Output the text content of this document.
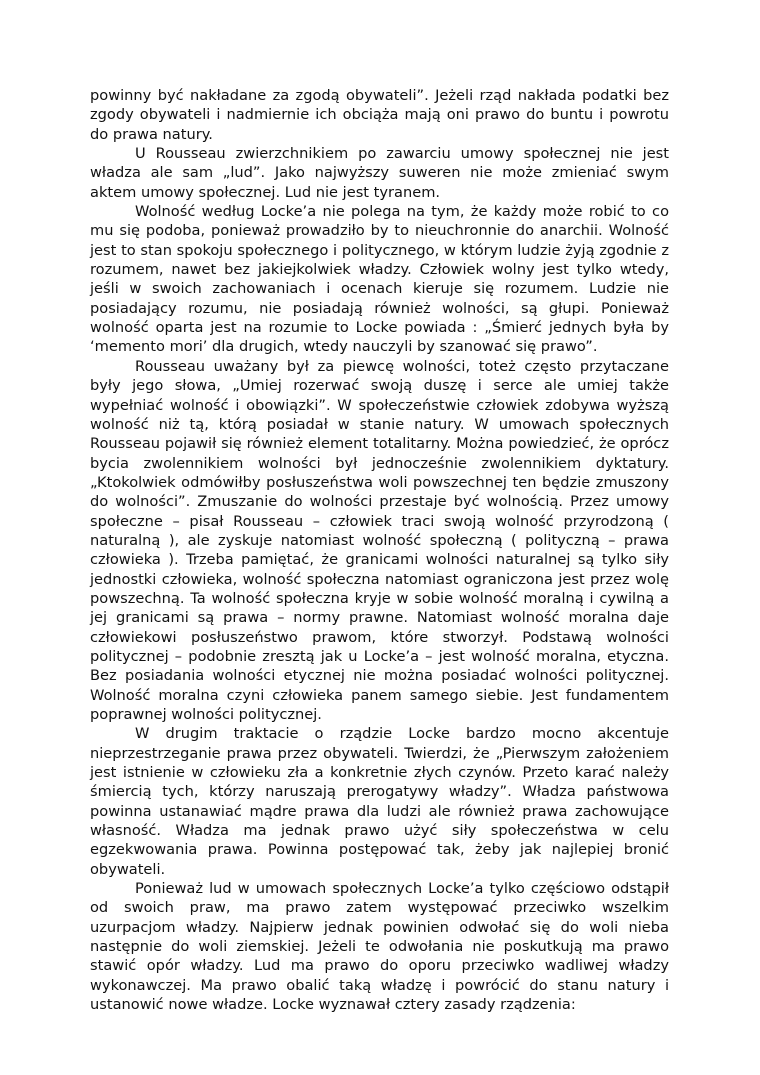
powinny być nakładane za zgodą obywateli”. Jeżeli rząd nakłada podatki bez zgody obywateli i nadmiernie ich obciąża mają oni prawo do buntu i powrotu do prawa natury.

U Rousseau zwierzchnikiem po zawarciu umowy społecznej nie jest władza ale sam „lud”. Jako najwyższy suweren nie może zmieniać swym aktem umowy społecznej. Lud nie jest tyranem.

Wolność według Locke’a nie polega na tym, że każdy może robić to co mu się podoba, ponieważ prowadziło by to nieuchronnie do anarchii. Wolność jest to stan spokoju społecznego i politycznego, w którym ludzie żyją zgodnie z rozumem, nawet bez jakiejkolwiek władzy. Człowiek wolny jest tylko wtedy, jeśli w swoich zachowaniach i ocenach kieruje się rozumem. Ludzie nie posiadający rozumu, nie posiadają również wolności, są głupi. Ponieważ wolność oparta jest na rozumie to Locke powiada : „Śmierć jednych była by ‘memento mori’ dla drugich, wtedy nauczyli by szanować się prawo”.

Rousseau uważany był za piewcę wolności, toteż często przytaczane były jego słowa, „Umiej rozerwać swoją duszę i serce ale umiej także wypełniać wolność i obowiązki”. W społeczeństwie człowiek zdobywa wyższą wolność niż tą, którą posiadał w stanie natury. W umowach społecznych Rousseau pojawił się również element totalitarny. Można powiedzieć, że oprócz bycia zwolennikiem wolności był jednocześnie zwolennikiem dyktatury. „Ktokolwiek odmówiłby posłuszeństwa woli powszechnej ten będzie zmuszony do wolności”. Zmuszanie do wolności przestaje być wolnością. Przez umowy społeczne – pisał Rousseau – człowiek traci swoją wolność przyrodzoną ( naturalną ), ale zyskuje natomiast wolność społeczną ( polityczną – prawa człowieka ). Trzeba pamiętać, że granicami wolności naturalnej są tylko siły jednostki człowieka, wolność społeczna natomiast ograniczona jest przez wolę powszechną. Ta wolność społeczna kryje w sobie wolność moralną i cywilną a jej granicami są prawa – normy prawne. Natomiast wolność moralna daje człowiekowi posłuszeństwo prawom, które stworzył. Podstawą wolności politycznej – podobnie zresztą jak u Locke’a – jest wolność moralna, etyczna. Bez posiadania wolności etycznej nie można posiadać wolności politycznej. Wolność moralna czyni człowieka panem samego siebie. Jest fundamentem poprawnej wolności politycznej.

W drugim traktacie o rządzie Locke bardzo mocno akcentuje nieprzestrzeganie prawa przez obywateli. Twierdzi, że „Pierwszym założeniem jest istnienie w człowieku zła a konkretnie złych czynów. Przeto karać należy śmiercią tych, którzy naruszają prerogatywy władzy”. Władza państwowa powinna ustanawiać mądre prawa dla ludzi ale również prawa zachowujące własność. Władza ma jednak prawo użyć siły społeczeństwa w celu egzekwowania prawa. Powinna postępować tak, żeby jak najlepiej bronić obywateli.

Ponieważ lud w umowach społecznych Locke’a tylko częściowo odstąpił od swoich praw, ma prawo zatem występować przeciwko wszelkim uzurpacjom władzy. Najpierw jednak powinien odwołać się do woli nieba następnie do woli ziemskiej. Jeżeli te odwołania nie poskutkują ma prawo stawić opór władzy. Lud ma prawo do oporu przeciwko wadliwej władzy wykonawczej. Ma prawo obalić taką władzę i powrócić do stanu natury i ustanowić nowe władze. Locke wyznawał cztery zasady rządzenia:
